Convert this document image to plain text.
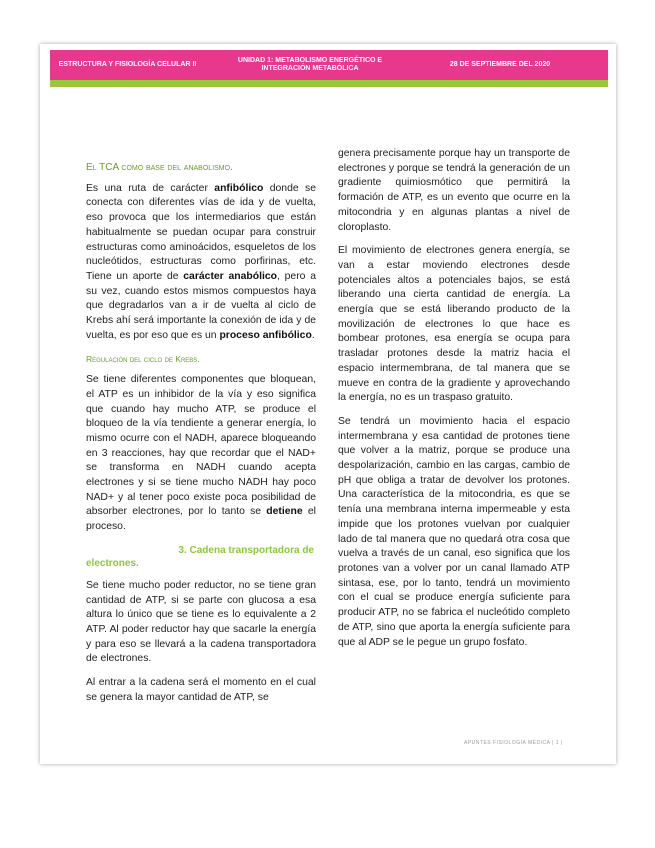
ESTRUCTURA Y FISIOLOGÍA CELULAR II
UNIDAD 1: METABOLISMO ENERGÉTICO E INTEGRACIÓN METABÓLICA
28 DE SEPTIEMBRE DEL 2020
El TCA como base del anabolismo.

Es una ruta de carácter anfibólico donde se conecta con diferentes vías de ida y de vuelta, eso provoca que los intermediarios que están habitualmente se puedan ocupar para construir estructuras como aminoácidos, esqueletos de los nucleótidos, estructuras como porfirinas, etc. Tiene un aporte de carácter anabólico, pero a su vez, cuando estos mismos compuestos haya que degradarlos van a ir de vuelta al ciclo de Krebs ahí será importante la conexión de ida y de vuelta, es por eso que es un proceso anfibólico.

Regulación del ciclo de Krebs.

Se tiene diferentes componentes que bloquean, el ATP es un inhibidor de la vía y eso significa que cuando hay mucho ATP, se produce el bloqueo de la vía tendiente a generar energía, lo mismo ocurre con el NADH, aparece bloqueando en 3 reacciones, hay que recordar que el NAD+ se transforma en NADH cuando acepta electrones y si se tiene mucho NADH hay poco NAD+ y al tener poco existe poca posibilidad de absorber electrones, por lo tanto se detiene el proceso.

3. Cadena transportadora de
electrones.

Se tiene mucho poder reductor, no se tiene gran cantidad de ATP, si se parte con glucosa a esa altura lo único que se tiene es lo equivalente a 2 ATP. Al poder reductor hay que sacarle la energía y para eso se llevará a la cadena transportadora de electrones.

Al entrar a la cadena será el momento en el cual se genera la mayor cantidad de ATP, se

genera precisamente porque hay un transporte de electrones y porque se tendrá la generación de un gradiente quimiosmótico que permitirá la formación de ATP, es un evento que ocurre en la mitocondria y en algunas plantas a nivel de cloroplasto.

El movimiento de electrones genera energía, se van a estar moviendo electrones desde potenciales altos a potenciales bajos, se está liberando una cierta cantidad de energía. La energía que se está liberando producto de la movilización de electrones lo que hace es bombear protones, esa energía se ocupa para trasladar protones desde la matriz hacia el espacio intermembrana, de tal manera que se mueve en contra de la gradiente y aprovechando la energía, no es un traspaso gratuito.

Se tendrá un movimiento hacia el espacio intermembrana y esa cantidad de protones tiene que volver a la matriz, porque se produce una despolarización, cambio en las cargas, cambio de pH que obliga a tratar de devolver los protones. Una característica de la mitocondria, es que se tenía una membrana interna impermeable y esta impide que los protones vuelvan por cualquier lado de tal manera que no quedará otra cosa que vuelva a través de un canal, eso significa que los protones van a volver por un canal llamado ATP sintasa, ese, por lo tanto, tendrá un movimiento con el cual se produce energía suficiente para producir ATP, no se fabrica el nucleótido completo de ATP, sino que aporta la energía suficiente para que al ADP se le pegue un grupo fosfato.

APUNTES FISIOLOGÍA MÉDICA | 1 |
